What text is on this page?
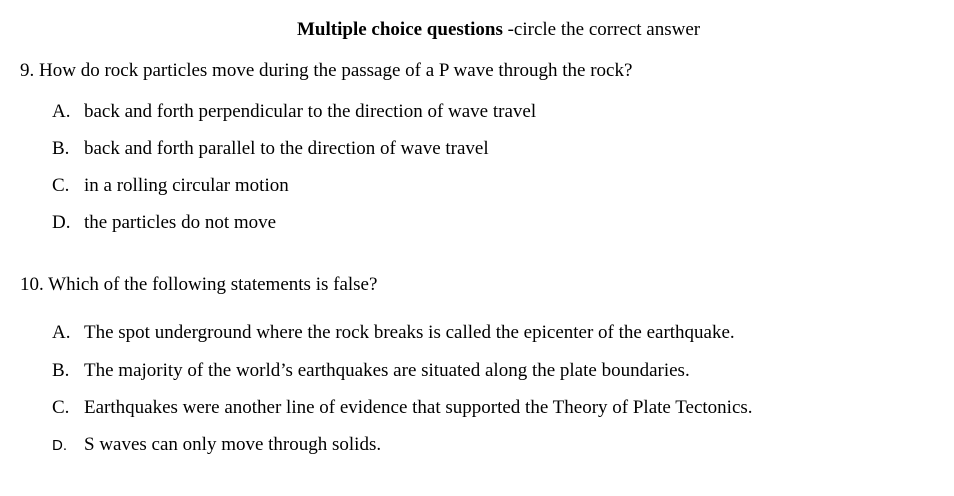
Multiple choice questions -circle the correct answer
9. How do rock particles move during the passage of a P wave through the rock?
A. back and forth perpendicular to the direction of wave travel
B. back and forth parallel to the direction of wave travel
C. in a rolling circular motion
D. the particles do not move
10. Which of the following statements is false?
A. The spot underground where the rock breaks is called the epicenter of the earthquake.
B. The majority of the world’s earthquakes are situated along the plate boundaries.
C. Earthquakes were another line of evidence that supported the Theory of Plate Tectonics.
D. S waves can only move through solids.
